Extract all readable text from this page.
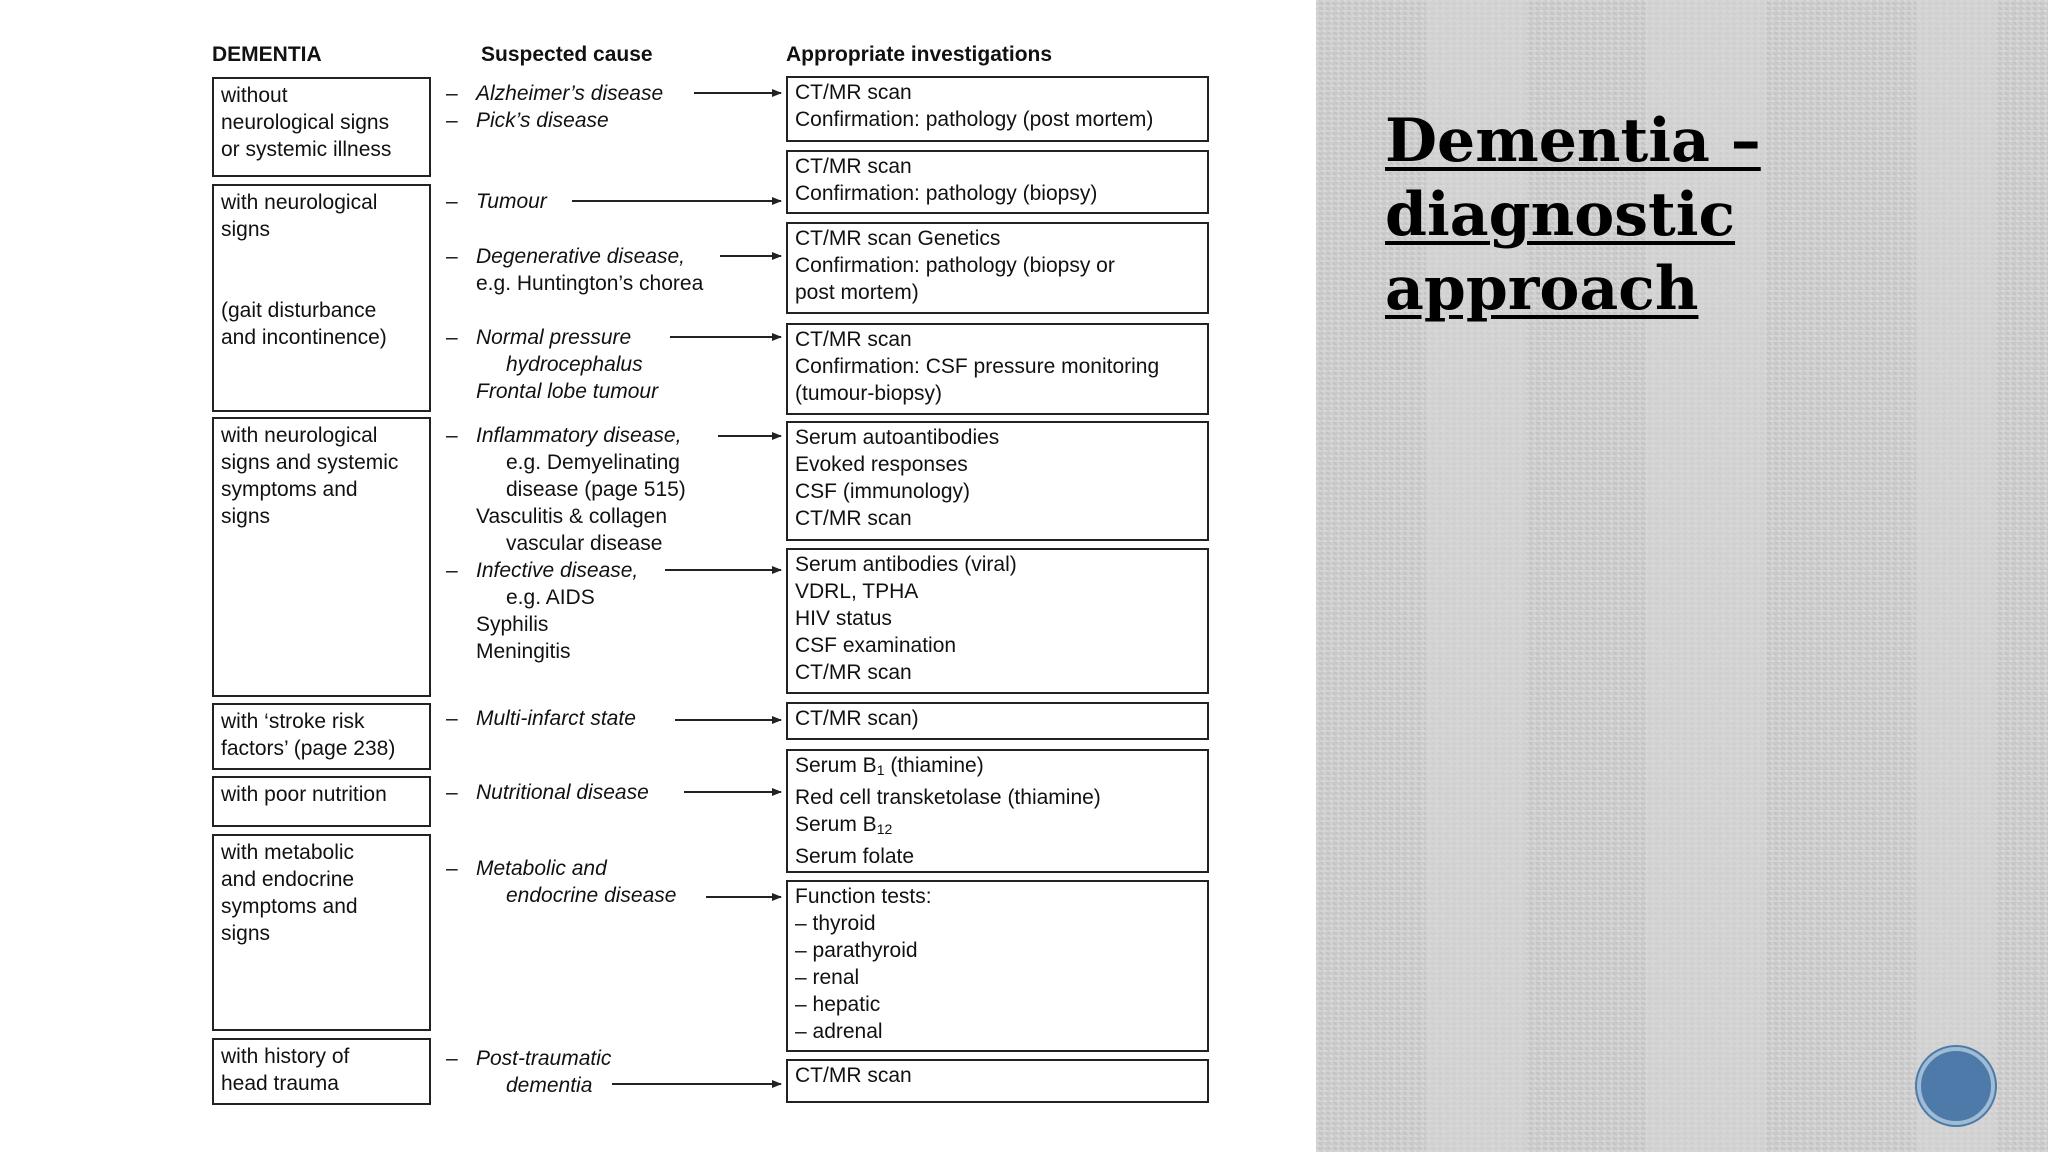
DEMENTIA	Suspected cause	Appropriate investigations
without
neurological signs
or systemic illness
with neurological
signs
(gait disturbance
and incontinence)
with neurological
signs and systemic
symptoms and
signs
with ‘stroke risk
factors’ (page 238)
with poor nutrition
with metabolic
and endocrine
symptoms and
signs
with history of
head trauma
– Alzheimer’s disease
– Pick’s disease
– Tumour
– Degenerative disease,
e.g. Huntington’s chorea
– Normal pressure
hydrocephalus
Frontal lobe tumour
– Inflammatory disease,
e.g. Demyelinating
disease (page 515)
Vasculitis & collagen
vascular disease
– Infective disease,
e.g. AIDS
Syphilis
Meningitis
– Multi-infarct state
– Nutritional disease
– Metabolic and
endocrine disease
– Post-traumatic
dementia
CT/MR scan
Confirmation: pathology (post mortem)
CT/MR scan
Confirmation: pathology (biopsy)
CT/MR scan Genetics
Confirmation: pathology (biopsy or
post mortem)
CT/MR scan
Confirmation: CSF pressure monitoring
(tumour-biopsy)
Serum autoantibodies
Evoked responses
CSF (immunology)
CT/MR scan
Serum antibodies (viral)
VDRL, TPHA
HIV status
CSF examination
CT/MR scan
CT/MR scan)
Serum $B_1$ (thiamine)
Red cell transketolase (thiamine)
Serum $B_{12}$
Serum folate
Function tests:
– thyroid
– parathyroid
– renal
– hepatic
– adrenal
CT/MR scan
Dementia –
diagnostic
approach
